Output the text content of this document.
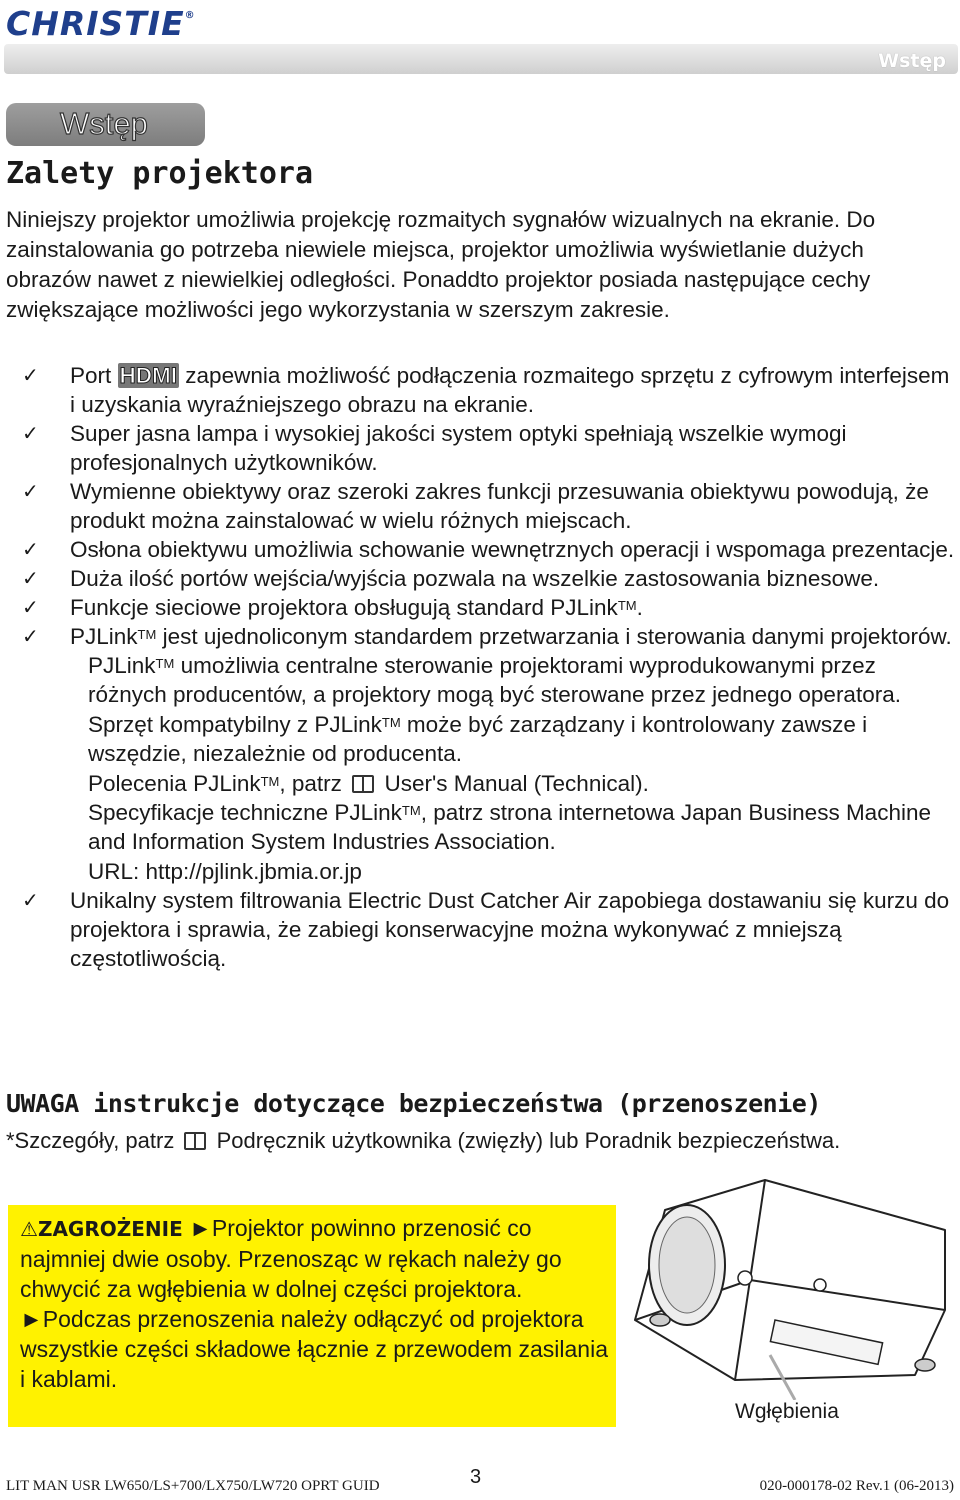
CHRISTIE®
Wstęp
Wstęp
Zalety projektora
Niniejszy projektor umożliwia projekcję rozmaitych sygnałów wizualnych na ekranie. Do zainstalowania go potrzeba niewiele miejsca, projektor umożliwia wyświetlanie dużych obrazów nawet z niewielkiej odległości. Ponaddto projektor posiada następujące cechy zwiększające możliwości jego wykorzystania w szerszym zakresie.
✓ Port HDMI zapewnia możliwość podłączenia rozmaitego sprzętu z cyfrowym interfejsem i uzyskania wyraźniejszego obrazu na ekranie.
✓ Super jasna lampa i wysokiej jakości system optyki spełniają wszelkie wymogi profesjonalnych użytkowników.
✓ Wymienne obiektywy oraz szeroki zakres funkcji przesuwania obiektywu powodują, że produkt można zainstalować w wielu różnych miejscach.
✓ Osłona obiektywu umożliwia schowanie wewnętrznych operacji i wspomaga prezentacje.
✓ Duża ilość portów wejścia/wyjścia pozwala na wszelkie zastosowania biznesowe.
✓ Funkcje sieciowe projektora obsługują standard PJLink™.
✓ PJLink™ jest ujednoliconym standardem przetwarzania i sterowania danymi projektorów.
PJLink™ umożliwia centralne sterowanie projektorami wyprodukowanymi przez różnych producentów, a projektory mogą być sterowane przez jednego operatora. Sprzęt kompatybilny z PJLink™ może być zarządzany i kontrolowany zawsze i wszędzie, niezależnie od producenta.
Polecenia PJLink™, patrz User's Manual (Technical).
Specyfikacje techniczne PJLink™, patrz strona internetowa Japan Business Machine and Information System Industries Association.
URL: http://pjlink.jbmia.or.jp
✓ Unikalny system filtrowania Electric Dust Catcher Air zapobiega dostawaniu się kurzu do projektora i sprawia, że zabiegi konserwacyjne można wykonywać z mniejszą częstotliwością.
UWAGA instrukcje dotyczące bezpieczeństwa (przenoszenie)
*Szczegóły, patrz Podręcznik użytkownika (zwięzły) lub Poradnik bezpieczeństwa.
⚠ZAGROŻENIE ►Projektor powinno przenosić co najmniej dwie osoby. Przenosząc w rękach należy go chwycić za wgłębienia w dolnej części projektora.
►Podczas przenoszenia należy odłączyć od projektora wszystkie części składowe łącznie z przewodem zasilania i kablami.
Wgłębienia
LIT MAN USR LW650/LS+700/LX750/LW720 OPRT GUID	3	020-000178-02 Rev.1 (06-2013)
